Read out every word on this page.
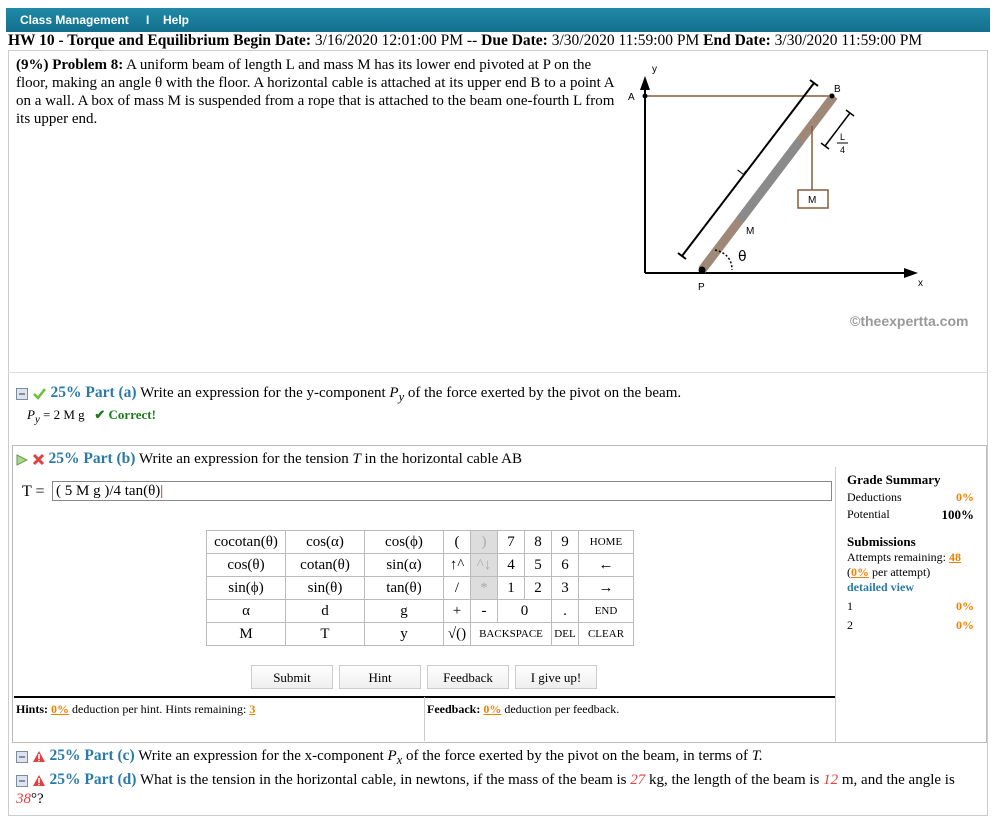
Class Management I Help
HW 10 - Torque and Equilibrium Begin Date: 3/16/2020 12:01:00 PM -- Due Date: 3/30/2020 11:59:00 PM End Date: 3/30/2020 11:59:00 PM
(9%) Problem 8: A uniform beam of length L and mass M has its lower end pivoted at P on the floor, making an angle θ with the floor. A horizontal cable is attached at its upper end B to a point A on a wall. A box of mass M is suspended from a rope that is attached to the beam one-fourth L from its upper end.
y
x
A
B
P
L
L
4
M
M
θ
©theexpertta.com
25% Part (a) Write an expression for the y-component $P_y$ of the force exerted by the pivot on the beam.
$P_y = 2$ M g ✔ Correct!
25% Part (b) Write an expression for the tension T in the horizontal cable AB
T = ( 5 M g )/4 tan(θ)|
cocotan(θ)	cos(α)	cos(ϕ)	(	)	7	8	9	HOME
cos(θ)	cotan(θ)	sin(α)	↑^	^↓	4	5	6	←
sin(ϕ)	sin(θ)	tan(θ)	/	*	1	2	3	→
α	d	g	+	-	0		.	END
M	T	y	√()	BACKSPACE			DEL	CLEAR
Submit	Hint	Feedback	I give up!
Hints: 0% deduction per hint. Hints remaining: 3	Feedback: 0% deduction per feedback.
Grade Summary

Deductions	0%
Potential	100%
Submissions
Attempts remaining: 48
(0% per attempt)
detailed view
1	0%
2	0%
25% Part (c) Write an expression for the x-component $P_x$ of the force exerted by the pivot on the beam, in terms of T.
25% Part (d) What is the tension in the horizontal cable, in newtons, if the mass of the beam is 27 kg, the length of the beam is 12 m, and the angle is 38°?
